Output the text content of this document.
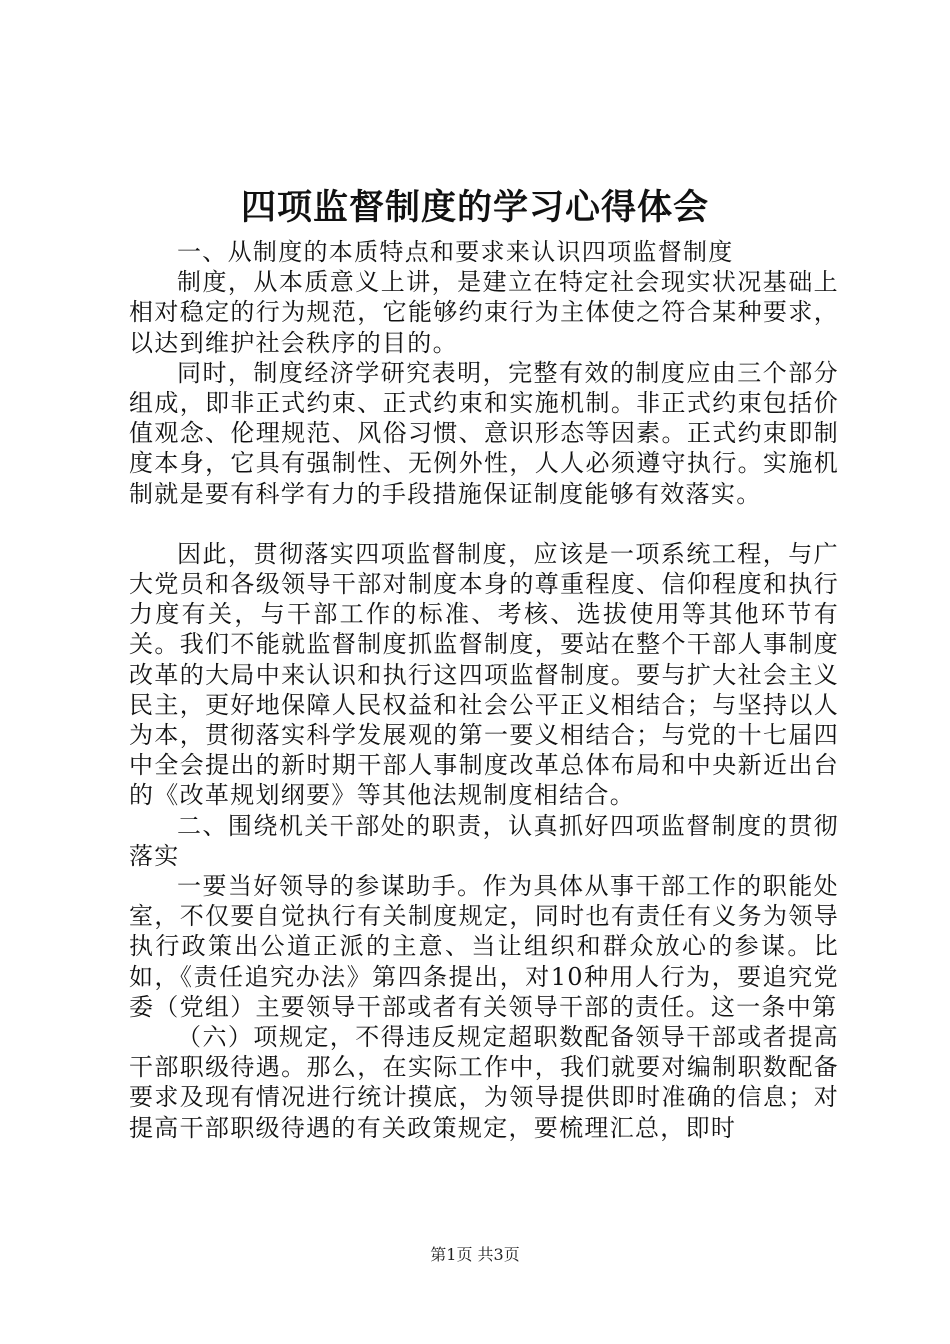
四项监督制度的学习心得体会

一、从制度的本质特点和要求来认识四项监督制度

制度，从本质意义上讲，是建立在特定社会现实状况基础上相对稳定的行为规范，它能够约束行为主体使之符合某种要求，以达到维护社会秩序的目的。

同时，制度经济学研究表明，完整有效的制度应由三个部分组成，即非正式约束、正式约束和实施机制。非正式约束包括价值观念、伦理规范、风俗习惯、意识形态等因素。正式约束即制度本身，它具有强制性、无例外性，人人必须遵守执行。实施机制就是要有科学有力的手段措施保证制度能够有效落实。

因此，贯彻落实四项监督制度，应该是一项系统工程，与广大党员和各级领导干部对制度本身的尊重程度、信仰程度和执行力度有关，与干部工作的标准、考核、选拔使用等其他环节有关。我们不能就监督制度抓监督制度，要站在整个干部人事制度改革的大局中来认识和执行这四项监督制度。要与扩大社会主义民主，更好地保障人民权益和社会公平正义相结合；与坚持以人为本，贯彻落实科学发展观的第一要义相结合；与党的十七届四中全会提出的新时期干部人事制度改革总体布局和中央新近出台的《改革规划纲要》等其他法规制度相结合。

二、围绕机关干部处的职责，认真抓好四项监督制度的贯彻落实

一要当好领导的参谋助手。作为具体从事干部工作的职能处室，不仅要自觉执行有关制度规定，同时也有责任有义务为领导执行政策出公道正派的主意、当让组织和群众放心的参谋。比如，《责任追究办法》第四条提出，对10种用人行为，要追究党委（党组）主要领导干部或者有关领导干部的责任。这一条中第

（六）项规定，不得违反规定超职数配备领导干部或者提高干部职级待遇。那么，在实际工作中，我们就要对编制职数配备要求及现有情况进行统计摸底，为领导提供即时准确的信息；对提高干部职级待遇的有关政策规定，要梳理汇总，即时

第1页 共3页
